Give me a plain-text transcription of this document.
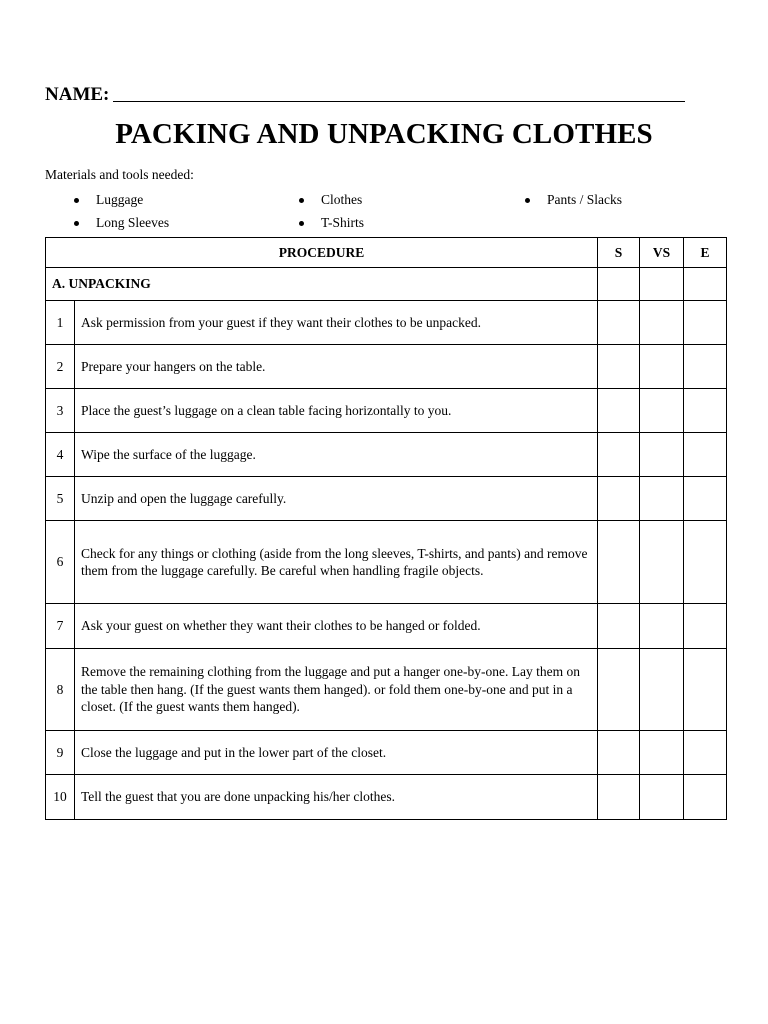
NAME:
PACKING AND UNPACKING CLOTHES
Materials and tools needed:
Luggage
Long Sleeves
Clothes
T-Shirts
Pants / Slacks
PROCEDURE		S	VS	E
A. UNPACKING				
1	Ask permission from your guest if they want their clothes to be unpacked.			
2	Prepare your hangers on the table.			
3	Place the guest’s luggage on a clean table facing horizontally to you.			
4	Wipe the surface of the luggage.			
5	Unzip and open the luggage carefully.			
6	Check for any things or clothing (aside from the long sleeves, T-shirts, and pants) and remove them from the luggage carefully. Be careful when handling fragile objects.			
7	Ask your guest on whether they want their clothes to be hanged or folded.			
8	Remove the remaining clothing from the luggage and put a hanger one-by-one. Lay them on the table then hang. (If the guest wants them hanged). or fold them one-by-one and put in a closet. (If the guest wants them hanged).			
9	Close the luggage and put in the lower part of the closet.			
10	Tell the guest that you are done unpacking his/her clothes.			
